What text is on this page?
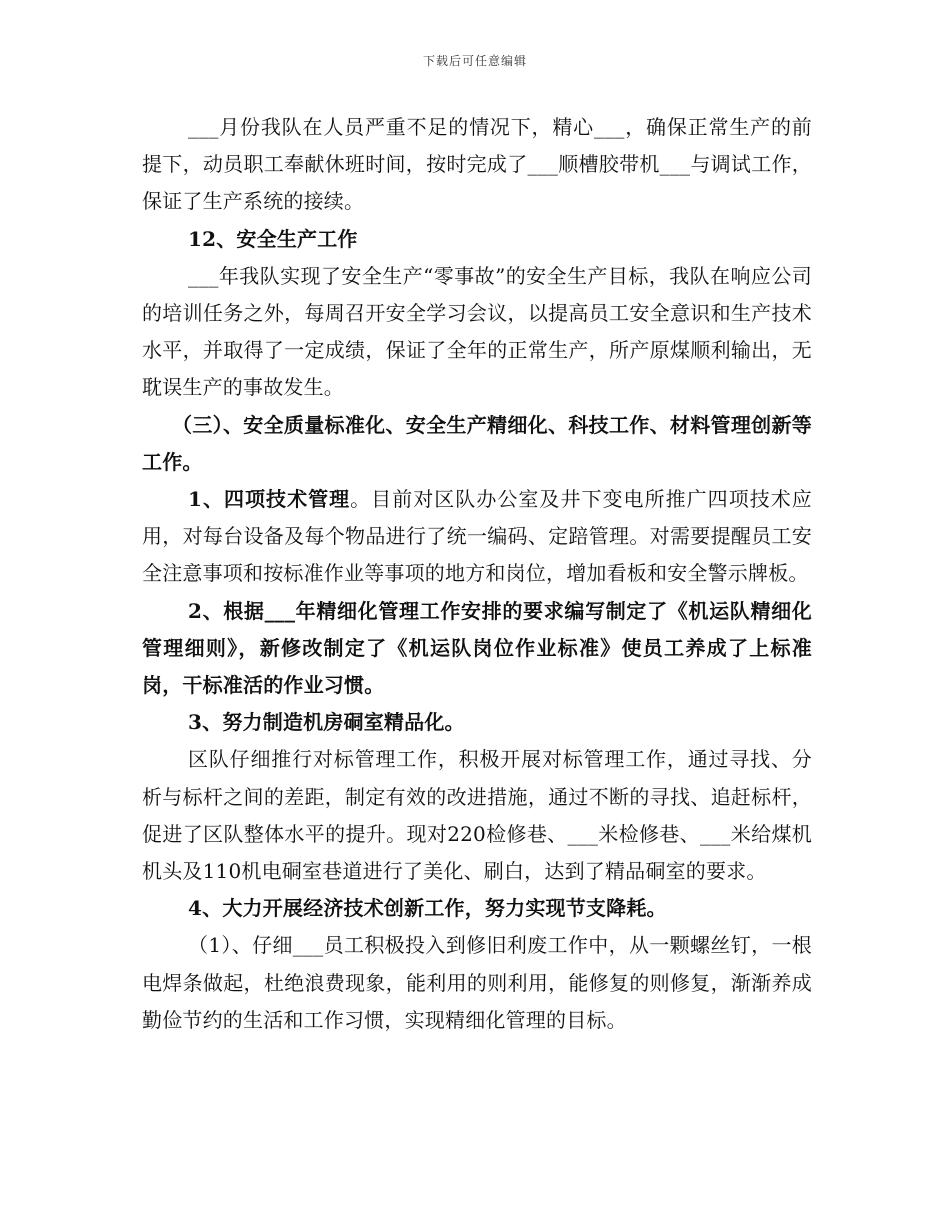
下载后可任意编辑

___月份我队在人员严重不足的情况下，精心___，确保正常生产的前提下，动员职工奉献休班时间，按时完成了___顺槽胶带机___与调试工作，保证了生产系统的接续。

12、安全生产工作

___年我队实现了安全生产“零事故”的安全生产目标，我队在响应公司的培训任务之外，每周召开安全学习会议，以提高员工安全意识和生产技术水平，并取得了一定成绩，保证了全年的正常生产，所产原煤顺利输出，无耽误生产的事故发生。

（三）、安全质量标准化、安全生产精细化、科技工作、材料管理创新等工作。

1、四项技术管理。目前对区队办公室及井下变电所推广四项技术应用，对每台设备及每个物品进行了统一编码、定踣管理。对需要提醒员工安全注意事项和按标准作业等事项的地方和岗位，增加看板和安全警示牌板。

2、根据___年精细化管理工作安排的要求编写制定了《机运队精细化管理细则》，新修改制定了《机运队岗位作业标准》使员工养成了上标准岗，干标准活的作业习惯。

3、努力制造机房硐室精品化。

区队仔细推行对标管理工作，积极开展对标管理工作，通过寻找、分析与标杆之间的差距，制定有效的改进措施，通过不断的寻找、追赶标杆，促进了区队整体水平的提升。现对220检修巷、___米检修巷、___米给煤机机头及110机电硐室巷道进行了美化、刷白，达到了精品硐室的要求。

4、大力开展经济技术创新工作，努力实现节支降耗。

（1）、仔细___员工积极投入到修旧利废工作中，从一颗螺丝钉，一根电焊条做起，杜绝浪费现象，能利用的则利用，能修复的则修复，渐渐养成勤俭节约的生活和工作习惯，实现精细化管理的目标。
